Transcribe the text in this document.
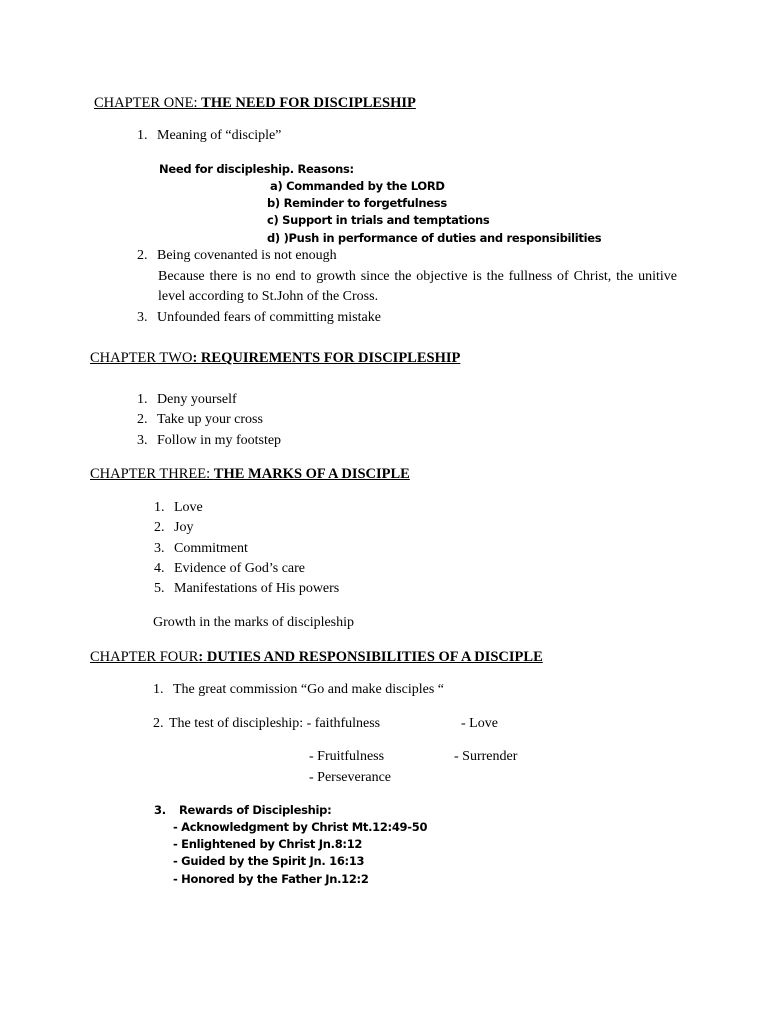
CHAPTER ONE: THE NEED FOR DISCIPLESHIP
1. Meaning of “disciple”
Need for discipleship. Reasons:
a) Commanded by the LORD
b) Reminder to forgetfulness
c) Support in trials and temptations
d) )Push in performance of duties and responsibilities
2. Being covenanted is not enough
Because there is no end to growth since the objective is the fullness of Christ, the unitive level according to St.John of the Cross.
3. Unfounded fears of committing mistake
CHAPTER TWO: REQUIREMENTS FOR DISCIPLESHIP
1. Deny yourself
2. Take up your cross
3. Follow in my footstep
CHAPTER THREE: THE MARKS OF A DISCIPLE
1. Love
2. Joy
3. Commitment
4. Evidence of God’s care
5. Manifestations of His powers
Growth in the marks of discipleship
CHAPTER FOUR: DUTIES AND RESPONSIBILITIES OF A DISCIPLE
1. The great commission “Go and make disciples “
2. The test of discipleship: - faithfulness	- Love
- Fruitfulness	- Surrender
- Perseverance
3. Rewards of Discipleship:
- Acknowledgment by Christ Mt.12:49-50
- Enlightened by Christ Jn.8:12
- Guided by the Spirit Jn. 16:13
- Honored by the Father Jn.12:2
